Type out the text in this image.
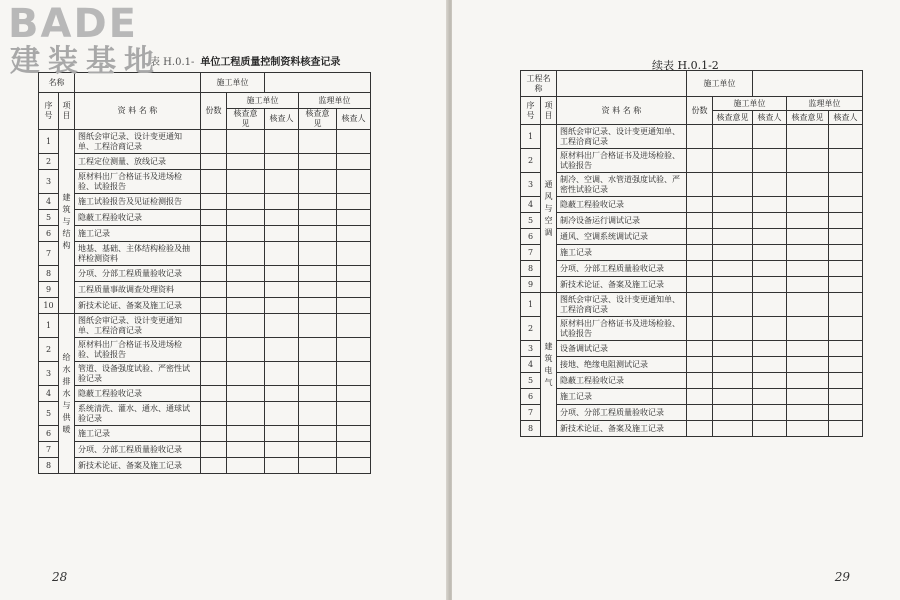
表 H.0.1- 单位工程质量控制资料核查记录
名称			施工单位				
序号	项目	资 料 名 称	份数	施工单位		监理单位	
				核查意见	核查人	核查意见	核查人
1	建筑与结构	图纸会审记录、设计变更通知单、工程洽商记录					
2		工程定位测量、放线记录					
3		原材料出厂合格证书及进场检验、试验报告					
4		施工试验报告及见证检测报告					
5		隐蔽工程验收记录					
6		施工记录					
7		地基、基础、主体结构检验及抽样检测资料					
8		分项、分部工程质量验收记录					
9		工程质量事故调查处理资料					
10		新技术论证、备案及施工记录					
1	给水排水与供暖	图纸会审记录、设计变更通知单、工程洽商记录					
2		原材料出厂合格证书及进场检验、试验报告					
3		管道、设备强度试验、严密性试验记录					
4		隐蔽工程验收记录					
5		系统清洗、灌水、通水、通球试验记录					
6		施工记录					
7		分项、分部工程质量验收记录					
8		新技术论证、备案及施工记录					
28
续表 H.0.1-2
工程名称			施工单位				
序号	项目	资 料 名 称	份数	施工单位		监理单位	
				核查意见	核查人	核查意见	核查人
1	通风与空调	图纸会审记录、设计变更通知单、工程洽商记录					
2		原材料出厂合格证书及进场检验、试验报告					
3		制冷、空调、水管道强度试验、严密性试验记录					
4		隐蔽工程验收记录					
5		制冷设备运行调试记录					
6		通风、空调系统调试记录					
7		施工记录					
8		分项、分部工程质量验收记录					
9		新技术论证、备案及施工记录					
1	建筑电气	图纸会审记录、设计变更通知单、工程洽商记录					
2		原材料出厂合格证书及进场检验、试验报告					
3		设备调试记录					
4		接地、绝缘电阻测试记录					
5		隐蔽工程验收记录					
6		施工记录					
7		分项、分部工程质量验收记录					
8		新技术论证、备案及施工记录					
29
BADE
建装基地
